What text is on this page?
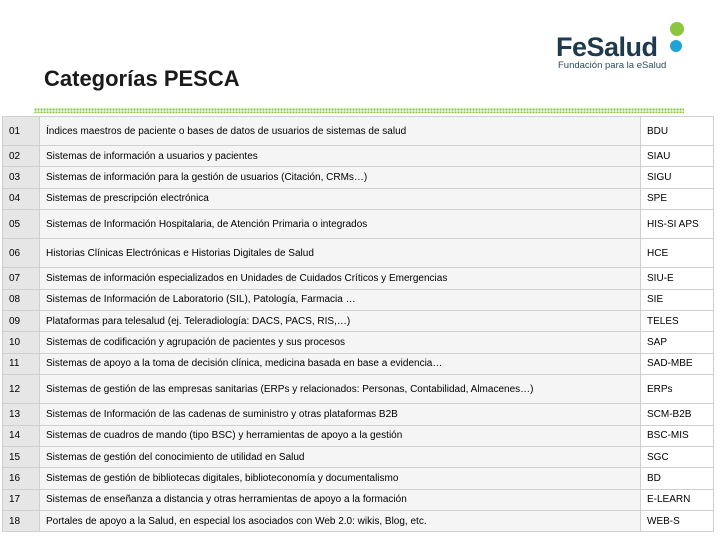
Categorías PESCA
FeSalud
Fundación para la eSalud
01	Índices maestros de paciente o bases de datos de usuarios de sistemas de salud	BDU
02	Sistemas de información a usuarios y pacientes	SIAU
03	Sistemas de información para la gestión de usuarios (Citación, CRMs…)	SIGU
04	Sistemas de prescripción electrónica	SPE
05	Sistemas de Información Hospitalaria, de Atención Primaria o integrados	HIS-SI APS
06	Historias Clínicas Electrónicas e Historias Digitales de Salud	HCE
07	Sistemas de información especializados en Unidades de Cuidados Críticos y Emergencias	SIU-E
08	Sistemas de Información de Laboratorio (SIL), Patología, Farmacia …	SIE
09	Plataformas para telesalud (ej. Teleradiología: DACS, PACS, RIS,…)	TELES
10	Sistemas de codificación y agrupación de pacientes y sus procesos	SAP
11	Sistemas de apoyo a la toma de decisión clínica, medicina basada en base a evidencia…	SAD-MBE
12	Sistemas de gestión de las empresas sanitarias (ERPs y relacionados: Personas, Contabilidad, Almacenes…)	ERPs
13	Sistemas de Información de las cadenas de suministro y otras plataformas B2B	SCM-B2B
14	Sistemas de cuadros de mando (tipo BSC) y herramientas de apoyo a la gestión	BSC-MIS
15	Sistemas de gestión del conocimiento de utilidad en Salud	SGC
16	Sistemas de gestión de bibliotecas digitales, biblioteconomía y documentalismo	BD
17	Sistemas de enseñanza a distancia y otras herramientas de apoyo a la formación	E-LEARN
18	Portales de apoyo a la Salud, en especial los asociados con Web 2.0: wikis, Blog, etc.	WEB-S
